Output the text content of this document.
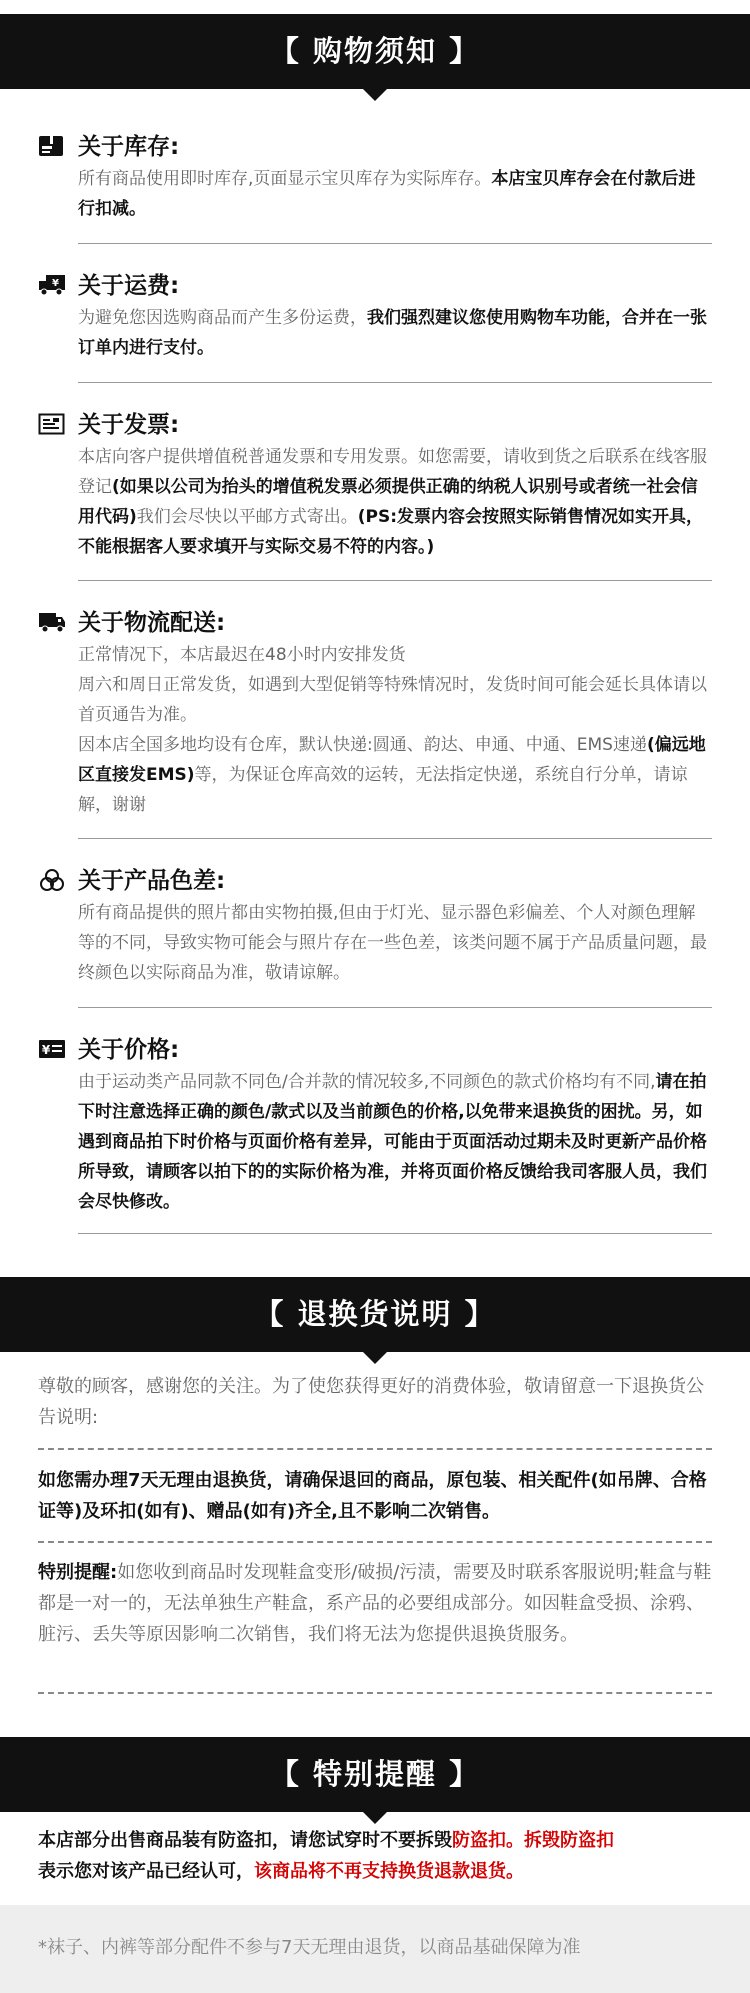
【 购物须知 】
关于库存:
所有商品使用即时库存,页面显示宝贝库存为实际库存。本店宝贝库存会在付款后进行扣减。
¥ 关于运费:
为避免您因选购商品而产生多份运费，我们强烈建议您使用购物车功能，合并在一张订单内进行支付。
关于发票:
本店向客户提供增值税普通发票和专用发票。如您需要，请收到货之后联系在线客服登记(如果以公司为抬头的增值税发票必须提供正确的纳税人识别号或者统一社会信用代码)我们会尽快以平邮方式寄出。(PS:发票内容会按照实际销售情况如实开具，不能根据客人要求填开与实际交易不符的内容。)
关于物流配送:
正常情况下，本店最迟在48小时内安排发货
周六和周日正常发货，如遇到大型促销等特殊情况时，发货时间可能会延长具体请以首页通告为准。
因本店全国多地均设有仓库，默认快递:圆通、韵达、申通、中通、EMS速递(偏远地区直接发EMS)等，为保证仓库高效的运转，无法指定快递，系统自行分单，请谅解，谢谢
关于产品色差:
所有商品提供的照片都由实物拍摄,但由于灯光、显示器色彩偏差、个人对颜色理解等的不同，导致实物可能会与照片存在一些色差，该类问题不属于产品质量问题，最终颜色以实际商品为准，敬请谅解。
¥ 关于价格:
由于运动类产品同款不同色/合并款的情况较多,不同颜色的款式价格均有不同,请在拍下时注意选择正确的颜色/款式以及当前颜色的价格,以免带来退换货的困扰。另，如遇到商品拍下时价格与页面价格有差异，可能由于页面活动过期未及时更新产品价格所导致，请顾客以拍下的的实际价格为准，并将页面价格反馈给我司客服人员，我们会尽快修改。
【 退换货说明 】
尊敬的顾客，感谢您的关注。为了使您获得更好的消费体验，敬请留意一下退换货公告说明:
如您需办理7天无理由退换货，请确保退回的商品，原包装、相关配件(如吊牌、合格证等)及环扣(如有)、赠品(如有)齐全,且不影响二次销售。
特别提醒:如您收到商品时发现鞋盒变形/破损/污渍，需要及时联系客服说明;鞋盒与鞋都是一对一的，无法单独生产鞋盒，系产品的必要组成部分。如因鞋盒受损、涂鸦、脏污、丢失等原因影响二次销售，我们将无法为您提供退换货服务。
【 特别提醒 】
本店部分出售商品装有防盗扣，请您试穿时不要拆毁防盗扣。拆毁防盗扣
表示您对该产品已经认可，该商品将不再支持换货退款退货。
*袜子、内裤等部分配件不参与7天无理由退货，以商品基础保障为准
